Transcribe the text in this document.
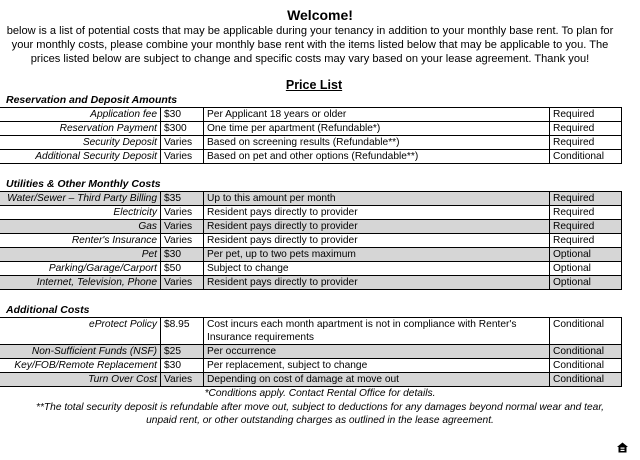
Welcome!
below is a list of potential costs that may be applicable during your tenancy in addition to your monthly base rent. To plan for
your monthly costs, please combine your monthly base rent with the items listed below that may be applicable to you. The
prices listed below are subject to change and specific costs may vary based on your lease agreement. Thank you!
Price List
Reservation and Deposit Amounts
Application fee	$30	Per Applicant 18 years or older	Required
Reservation Payment	$300	One time per apartment (Refundable*)	Required
Security Deposit	Varies	Based on screening results (Refundable**)	Required
Additional Security Deposit	Varies	Based on pet and other options (Refundable**)	Conditional
Utilities & Other Monthly Costs
Water/Sewer – Third Party Billing	$35	Up to this amount per month	Required
Electricity	Varies	Resident pays directly to provider	Required
Gas	Varies	Resident pays directly to provider	Required
Renter's Insurance	Varies	Resident pays directly to provider	Required
Pet	$30	Per pet, up to two pets maximum	Optional
Parking/Garage/Carport	$50	Subject to change	Optional
Internet, Television, Phone	Varies	Resident pays directly to provider	Optional
Additional Costs
eProtect Policy	$8.95	Cost incurs each month apartment is not in compliance with Renter's Insurance requirements	Conditional
Non-Sufficient Funds (NSF)	$25	Per occurrence	Conditional
Key/FOB/Remote Replacement	$30	Per replacement, subject to change	Conditional
Turn Over Cost	Varies	Depending on cost of damage at move out	Conditional
*Conditions apply. Contact Rental Office for details.
**The total security deposit is refundable after move out, subject to deductions for any damages beyond normal wear and tear,
unpaid rent, or other outstanding charges as outlined in the lease agreement.
